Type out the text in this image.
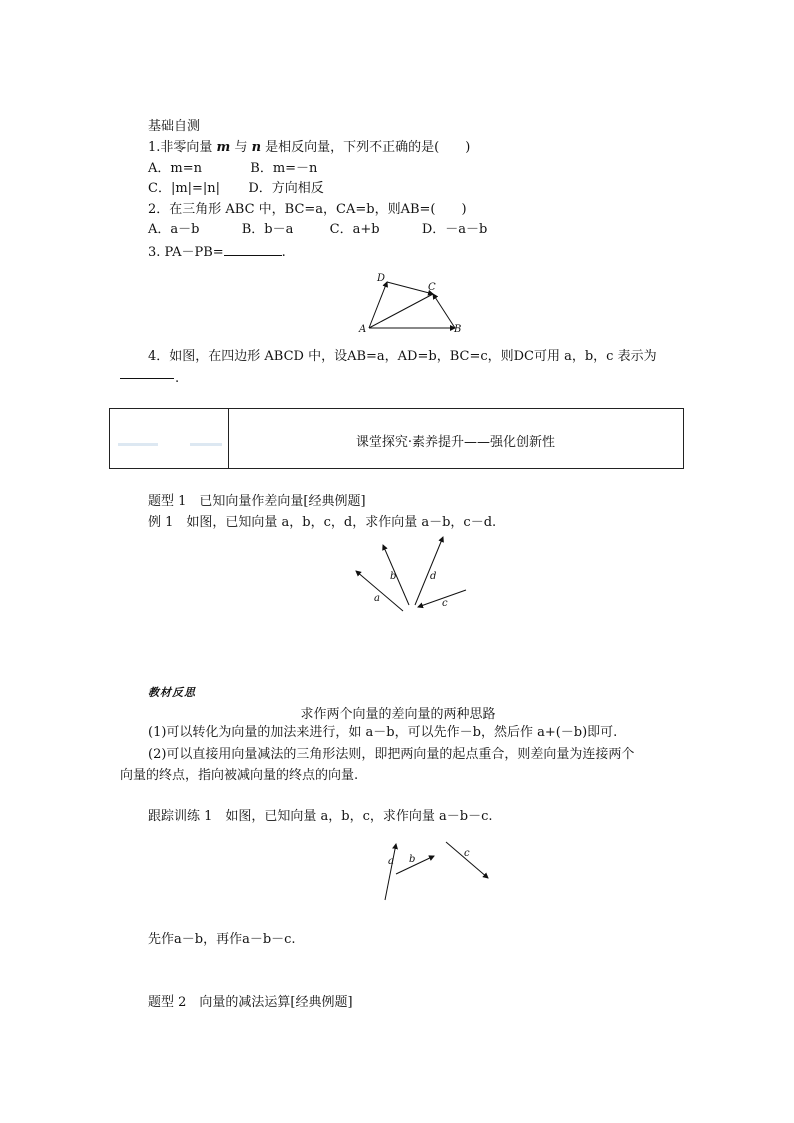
基础自测
1.非零向量 m 与 n 是相反向量，下列不正确的是(　　)
A．m=n	B．m=－n
C．|m|=|n| D．方向相反
2．在三角形 ABC 中，BC=a，CA=b，则AB=(　　)
A．a－b	B．b－a	C．a+b	D．－a－b
3. PA－PB=	.
D
C
A	B
4．如图，在四边形 ABCD 中，设AB=a，AD=b，BC=c，则DC可用 a，b，c 表示为
.
课堂探究·素养提升——强化创新性
题型 1　已知向量作差向量[经典例题]
例 1　如图，已知向量 a，b，c，d，求作向量 a－b，c－d.
a
b	d
c
教材反思
求作两个向量的差向量的两种思路
(1)可以转化为向量的加法来进行，如 a－b，可以先作－b，然后作 a+(－b)即可.
(2)可以直接用向量减法的三角形法则，即把两向量的起点重合，则差向量为连接两个
向量的终点，指向被减向量的终点的向量.
跟踪训练 1　如图，已知向量 a，b，c，求作向量 a－b－c.
a b
c
先作a－b，再作a－b－c.
题型 2　向量的减法运算[经典例题]
